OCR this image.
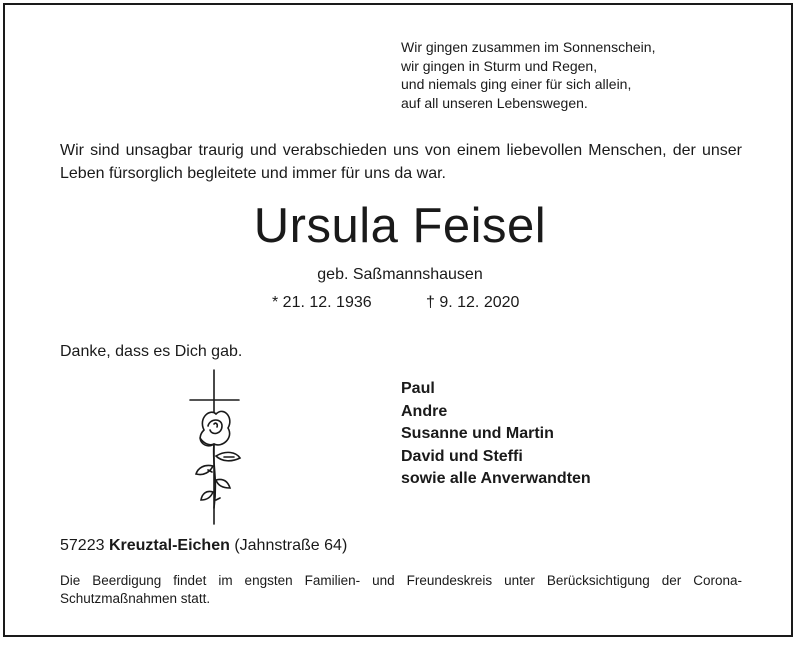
Wir gingen zusammen im Sonnenschein,
wir gingen in Sturm und Regen,
und niemals ging einer für sich allein,
auf all unseren Lebenswegen.
Wir sind unsagbar traurig und verabschieden uns von einem liebevollen Menschen, der unser Leben fürsorglich begleitete und immer für uns da war.
Ursula Feisel
geb. Saßmannshausen
* 21. 12. 1936	† 9. 12. 2020
Danke, dass es Dich gab.
Paul
Andre
Susanne und Martin
David und Steffi
sowie alle Anverwandten
57223 Kreuztal-Eichen (Jahnstraße 64)
Die Beerdigung findet im engsten Familien- und Freundeskreis unter Berücksichtigung der Corona-Schutzmaßnahmen statt.
